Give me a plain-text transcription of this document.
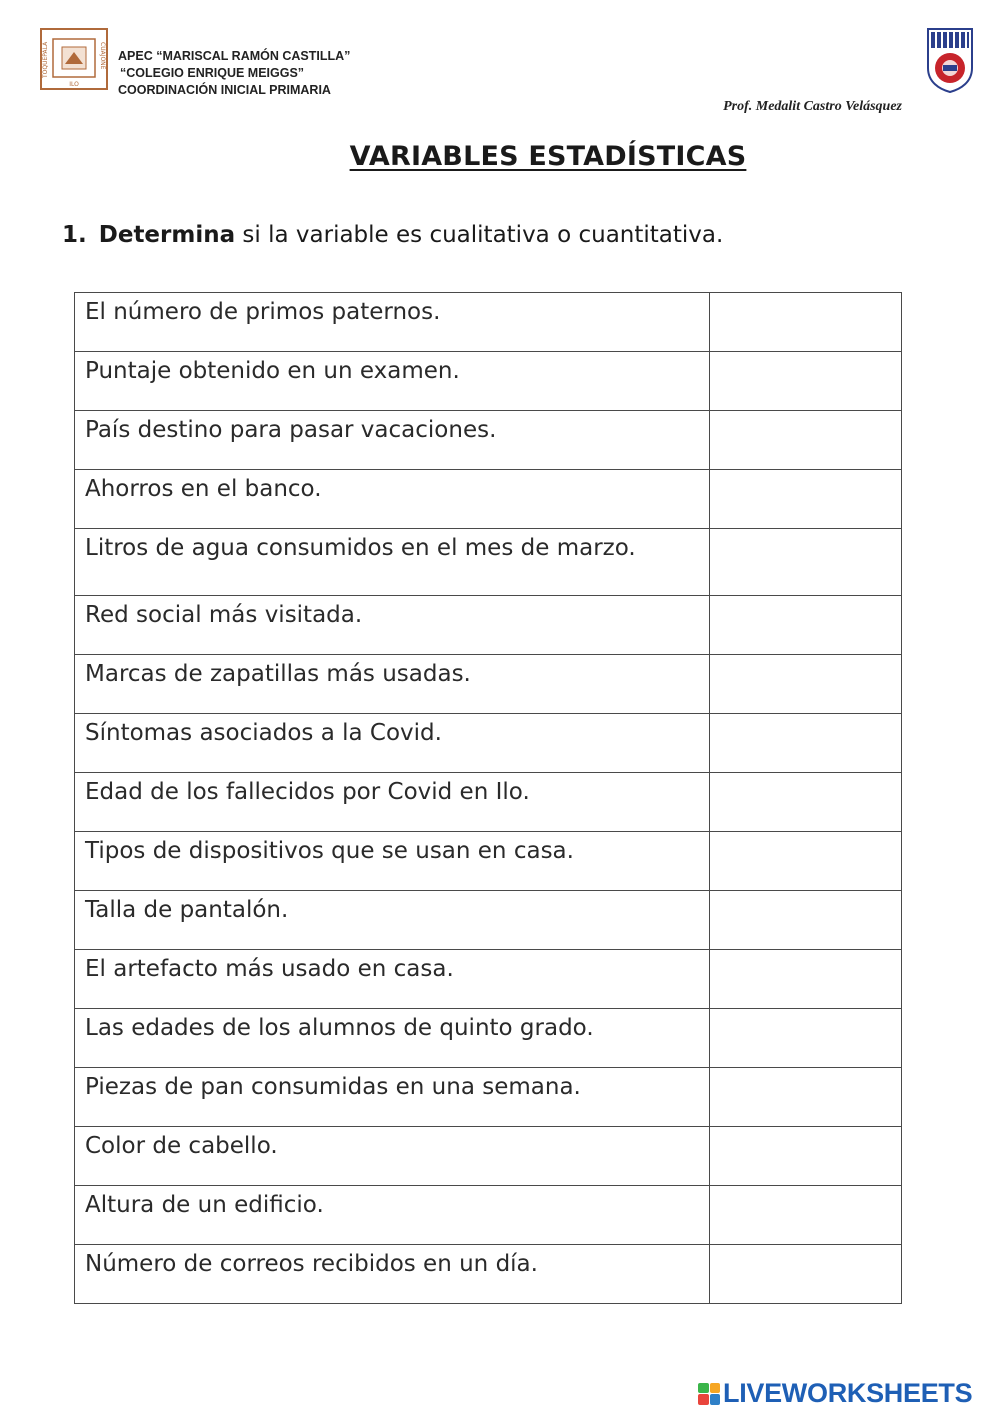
TOQUEPALA	CUAJONE
ILO
APEC “MARISCAL RAMÓN CASTILLA”
“COLEGIO ENRIQUE MEIGGS”
COORDINACIÓN INICIAL PRIMARIA
Prof. Medalit Castro Velásquez
VARIABLES ESTADÍSTICAS
1. Determina si la variable es cualitativa o cuantitativa.
El número de primos paternos.	
Puntaje obtenido en un examen.	
País destino para pasar vacaciones.	
Ahorros en el banco.	
Litros de agua consumidos en el mes de marzo.	
Red social más visitada.	
Marcas de zapatillas más usadas.	
Síntomas asociados a la Covid.	
Edad de los fallecidos por Covid en Ilo.	
Tipos de dispositivos que se usan en casa.	
Talla de pantalón.	
El artefacto más usado en casa.	
Las edades de los alumnos de quinto grado.	
Piezas de pan consumidas en una semana.	
Color de cabello.	
Altura de un edificio.	
Número de correos recibidos en un día.	
LIVEWORKSHEETS
